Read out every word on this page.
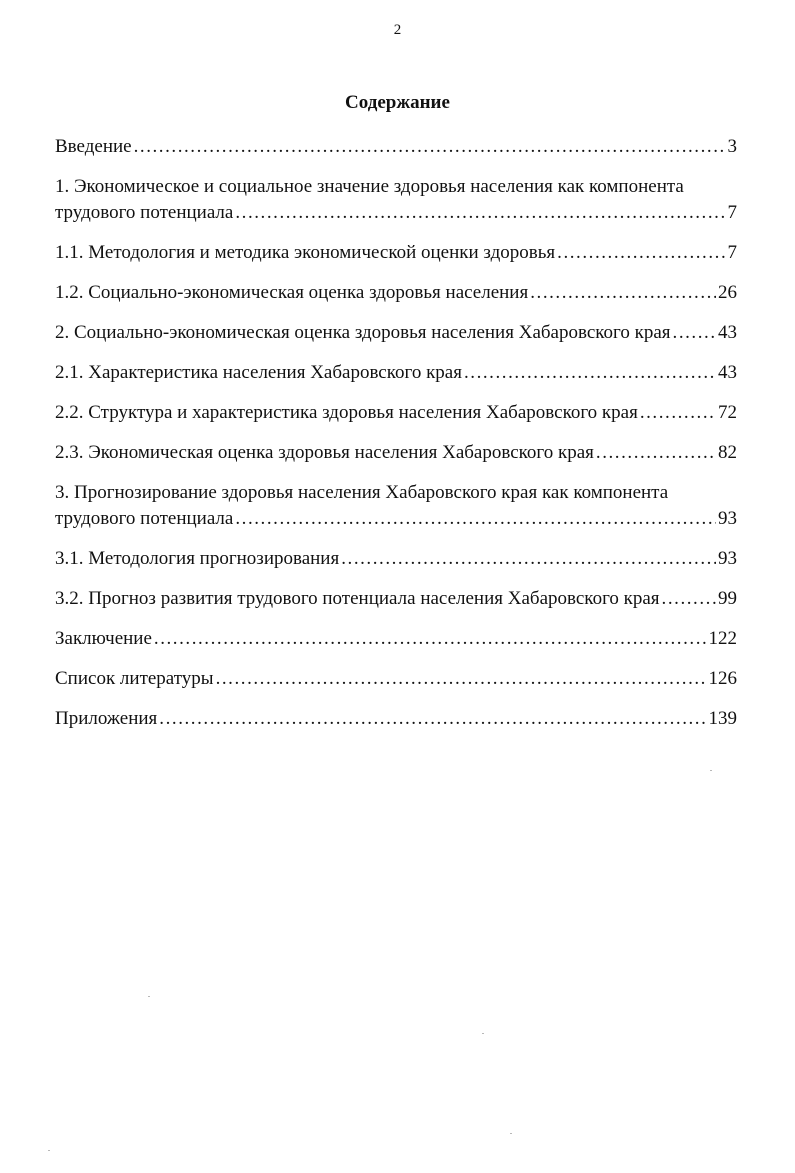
2
Содержание
Введение . . .	3
1. Экономическое и социальное значение здоровья населения как компонента
трудового потенциала . . .	7
1.1. Методология и методика экономической оценки здоровья . . .	7
1.2. Социально-экономическая оценка здоровья населения . . .	26
2. Социально-экономическая оценка здоровья населения Хабаровского края . . . 43
2.1. Характеристика населения Хабаровского края . . .	43
2.2. Структура и характеристика здоровья населения Хабаровского края . . .	72
2.3. Экономическая оценка здоровья населения Хабаровского края . . .	82
3. Прогнозирование здоровья населения Хабаровского края как компонента
трудового потенциала . . .	93
3.1. Методология прогнозирования . . .	93
3.2. Прогноз развития трудового потенциала населения Хабаровского края . . .	99
Заключение . . .	122
Список литературы . . .	126
Приложения . . .	139
